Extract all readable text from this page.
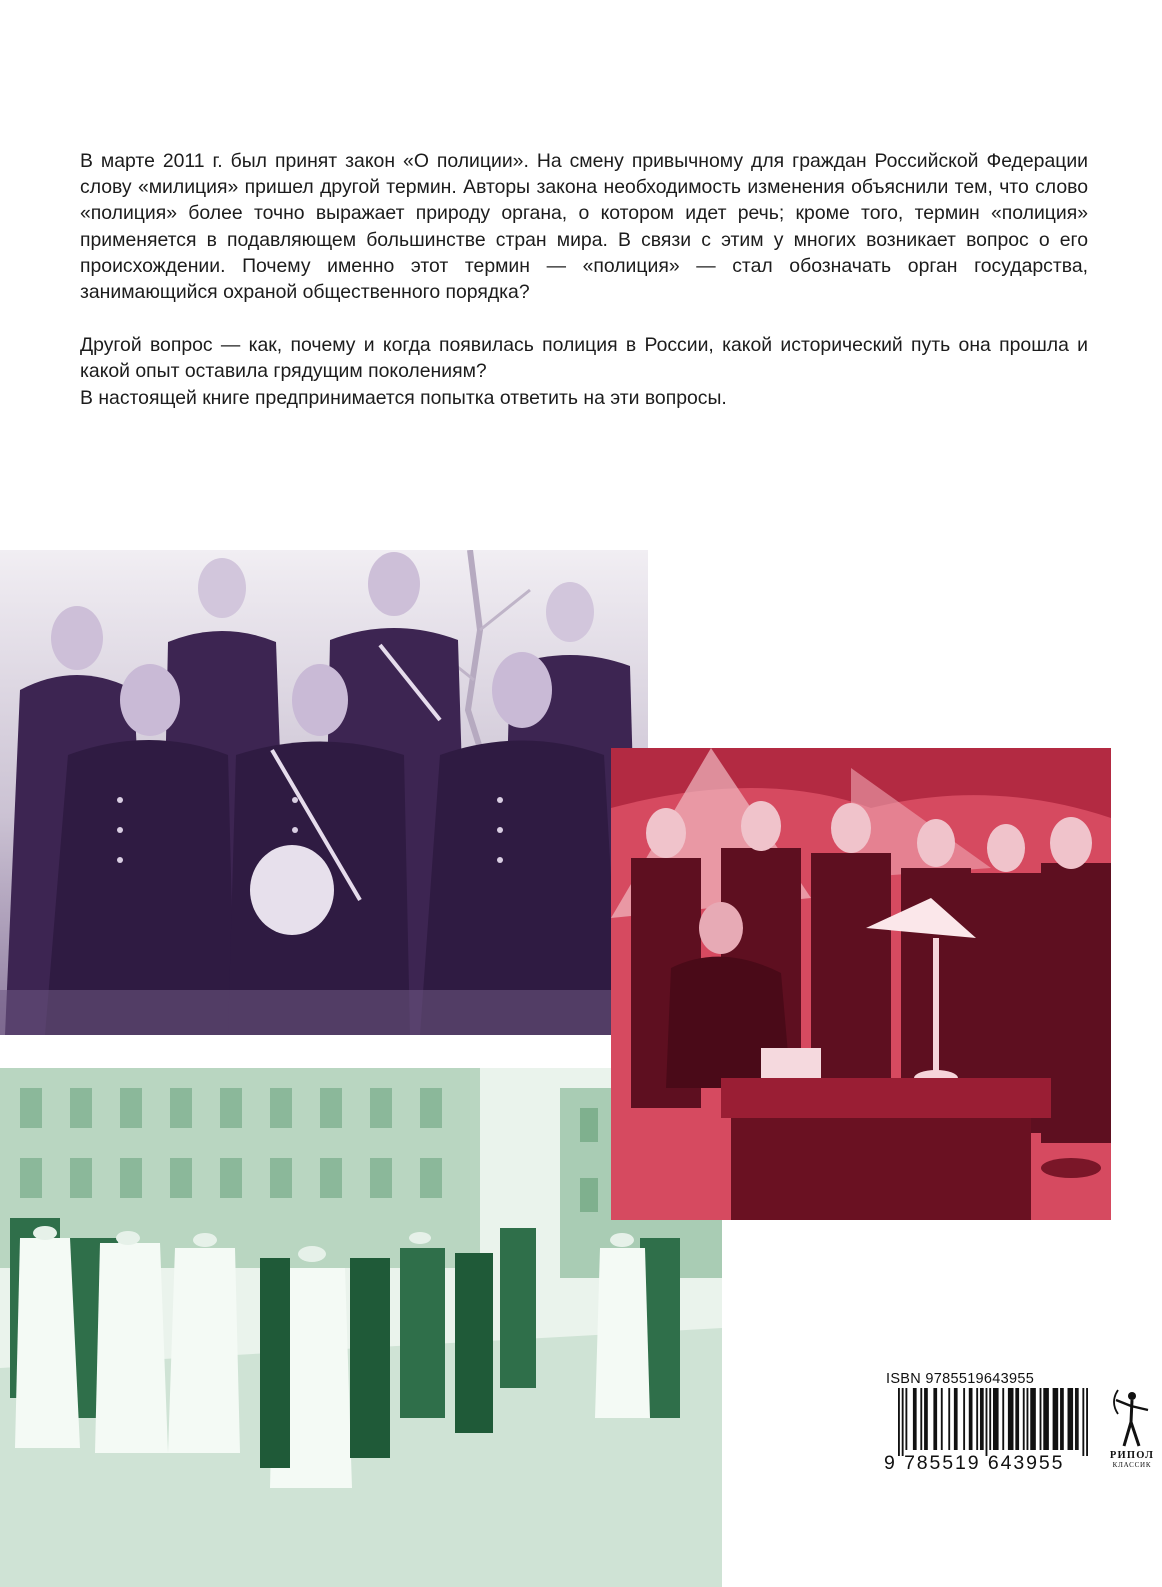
В марте 2011 г. был принят закон «О полиции». На смену привычному для граждан Российской Федерации слову «милиция» пришел другой термин. Авторы закона необходимость изменения объяснили тем, что слово «полиция» более точно выражает природу органа, о котором идет речь; кроме того, термин «полиция» применяется в подавляющем большинстве стран мира. В связи с этим у многих возникает вопрос о его происхождении. Почему именно этот термин — «полиция» — стал обозначать орган государства, занимающийся охраной общественного порядка?

Другой вопрос — как, почему и когда появилась полиция в России, какой исторический путь она прошла и какой опыт оставила грядущим поколениям?

В настоящей книге предпринимается попытка ответить на эти вопросы.

ISBN 9785519643955
9 785519 643955	РИПОЛ
КЛАССИК
